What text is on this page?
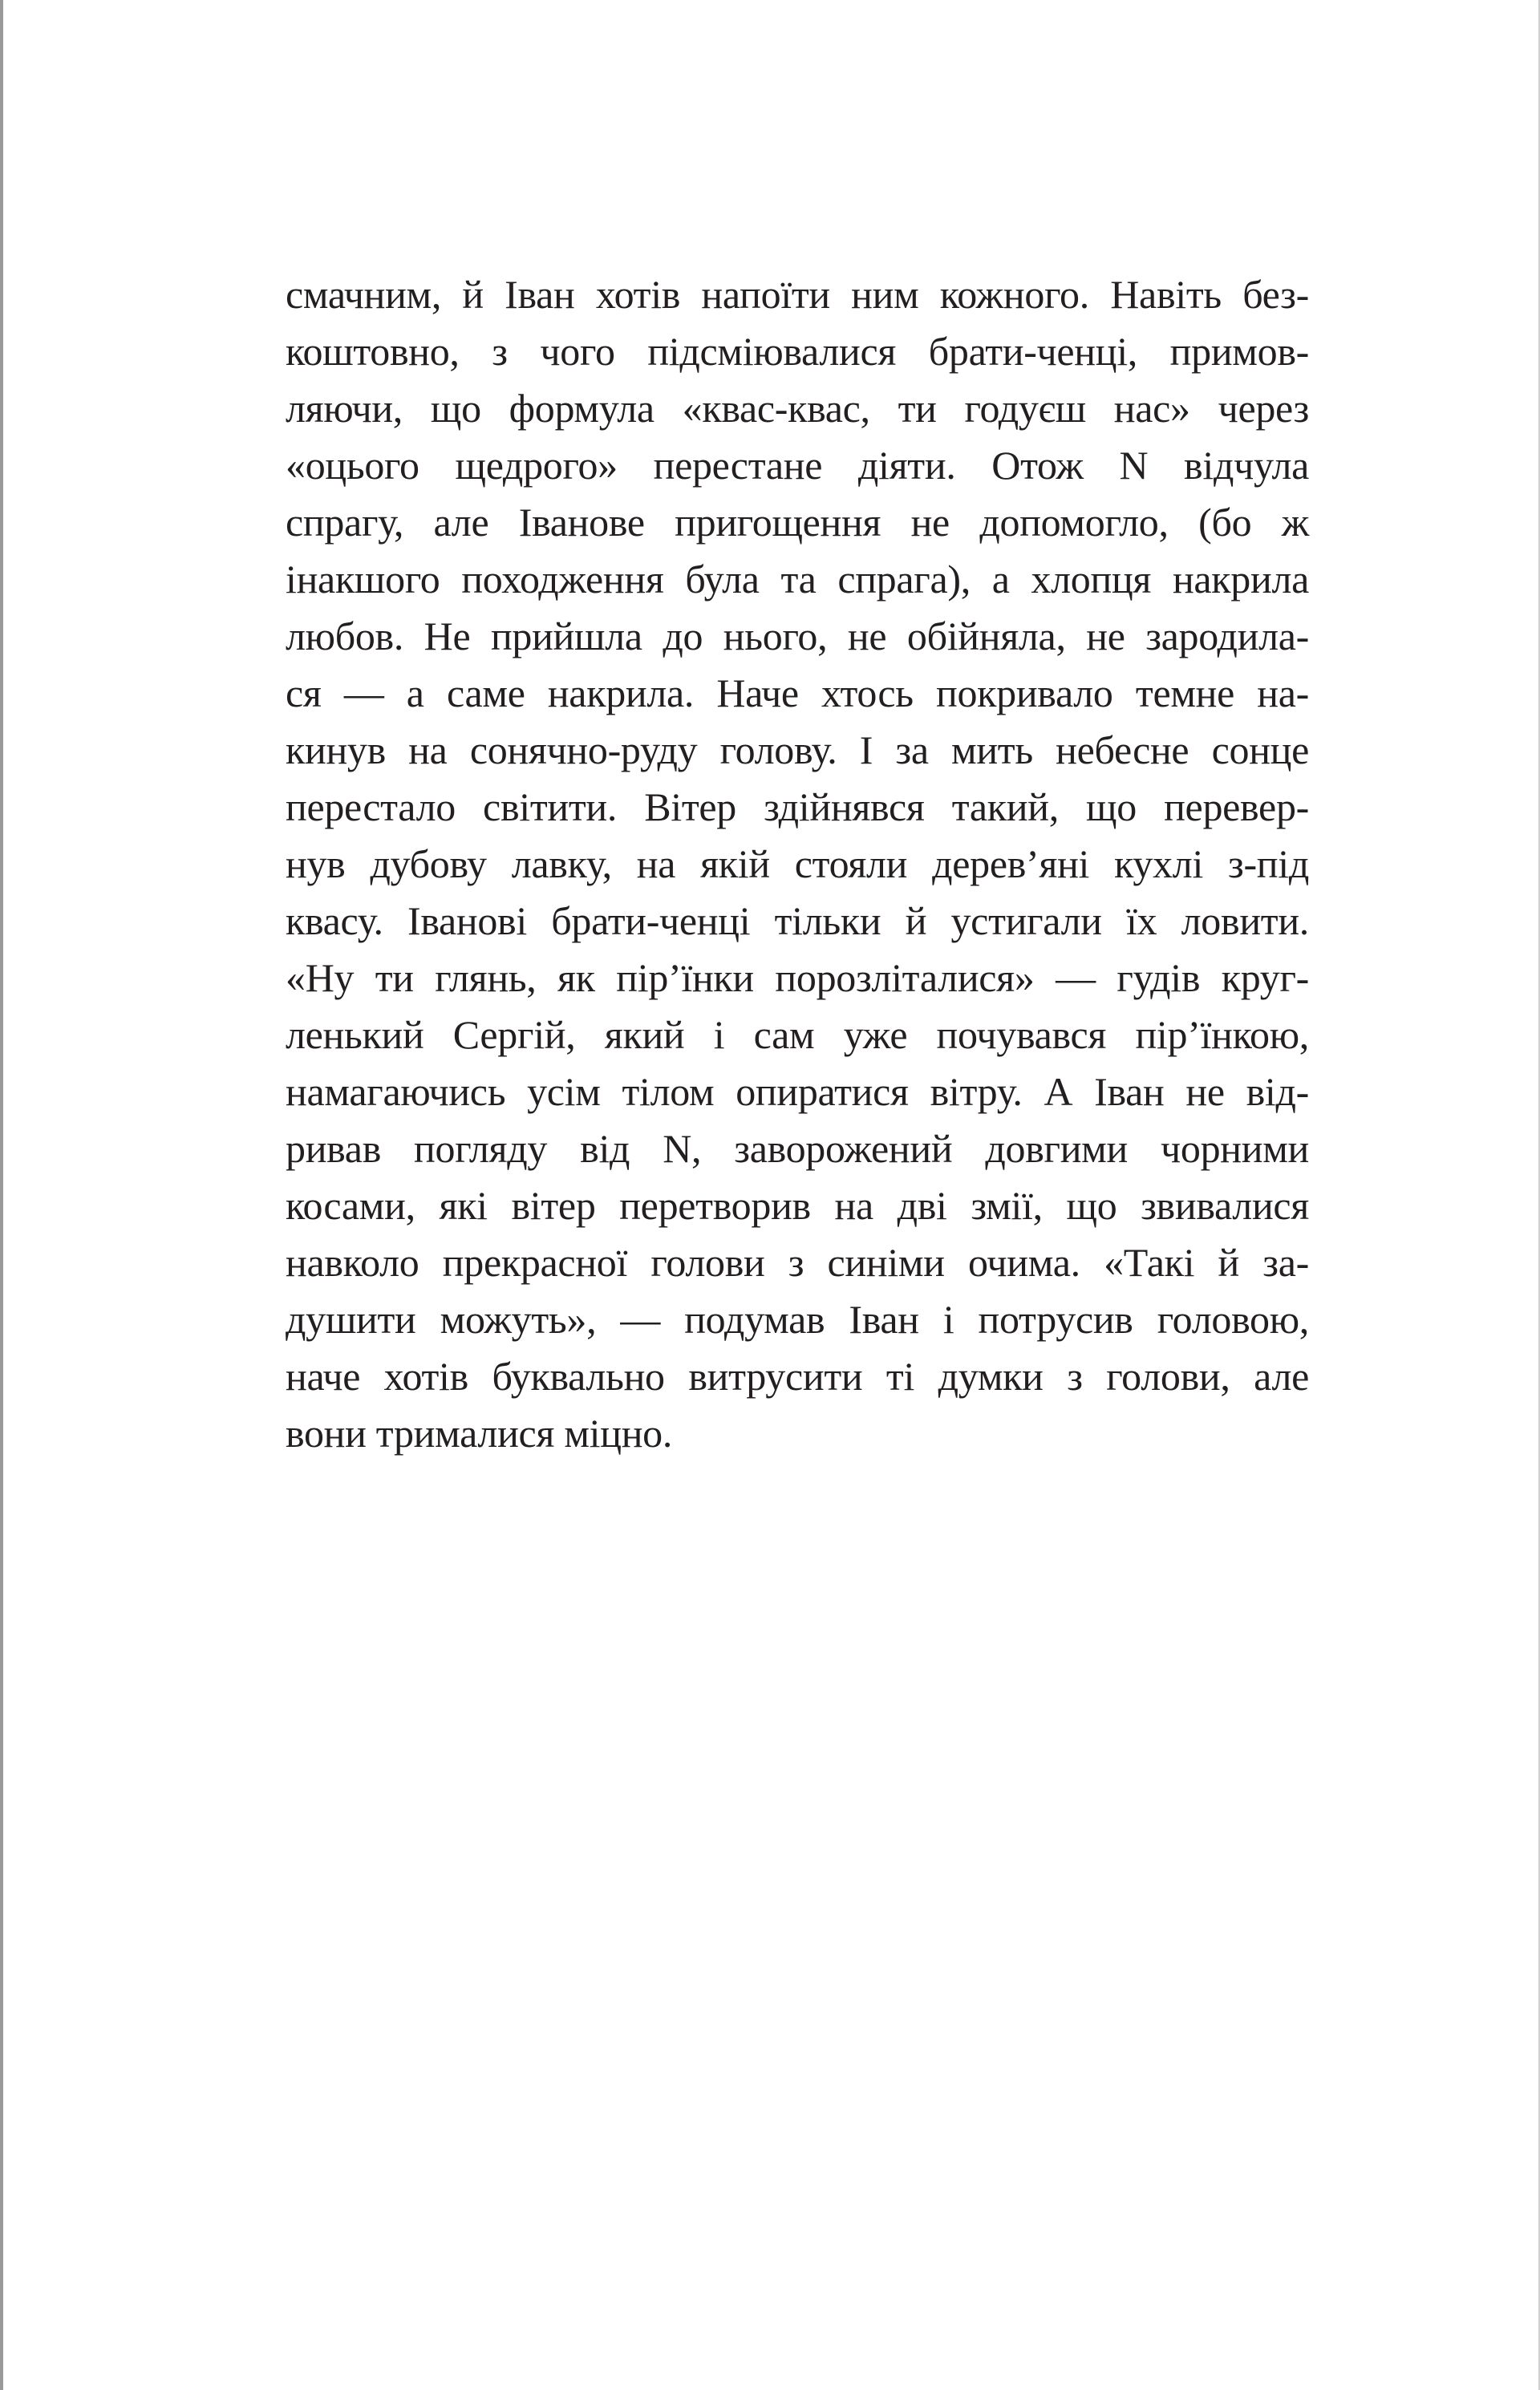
смачним, й Іван хотів напоїти ним кожного. Навіть без-
коштовно, з чого підсміювалися брати-ченці, примов-
ляючи, що формула «квас-квас, ти годуєш нас» через
«оцього щедрого» перестане діяти. Отож N відчула
спрагу, але Іванове пригощення не допомогло, (бо ж
інакшого походження була та спрага), а хлопця накрила
любов. Не прийшла до нього, не обійняла, не зародила-
ся — а саме накрила. Наче хтось покривало темне на-
кинув на сонячно-руду голову. І за мить небесне сонце
перестало світити. Вітер здійнявся такий, що перевер-
нув дубову лавку, на якій стояли дерев’яні кухлі з-під
квасу. Іванові брати-ченці тільки й устигали їх ловити.
«Ну ти глянь, як пір’їнки порозліталися» — гудів круг-
ленький Сергій, який і сам уже почувався пір’їнкою,
намагаючись усім тілом опиратися вітру. А Іван не від-
ривав погляду від N, заворожений довгими чорними
косами, які вітер перетворив на дві змії, що звивалися
навколо прекрасної голови з синіми очима. «Такі й за-
душити можуть», — подумав Іван і потрусив головою,
наче хотів буквально витрусити ті думки з голови, але
вони трималися міцно.
